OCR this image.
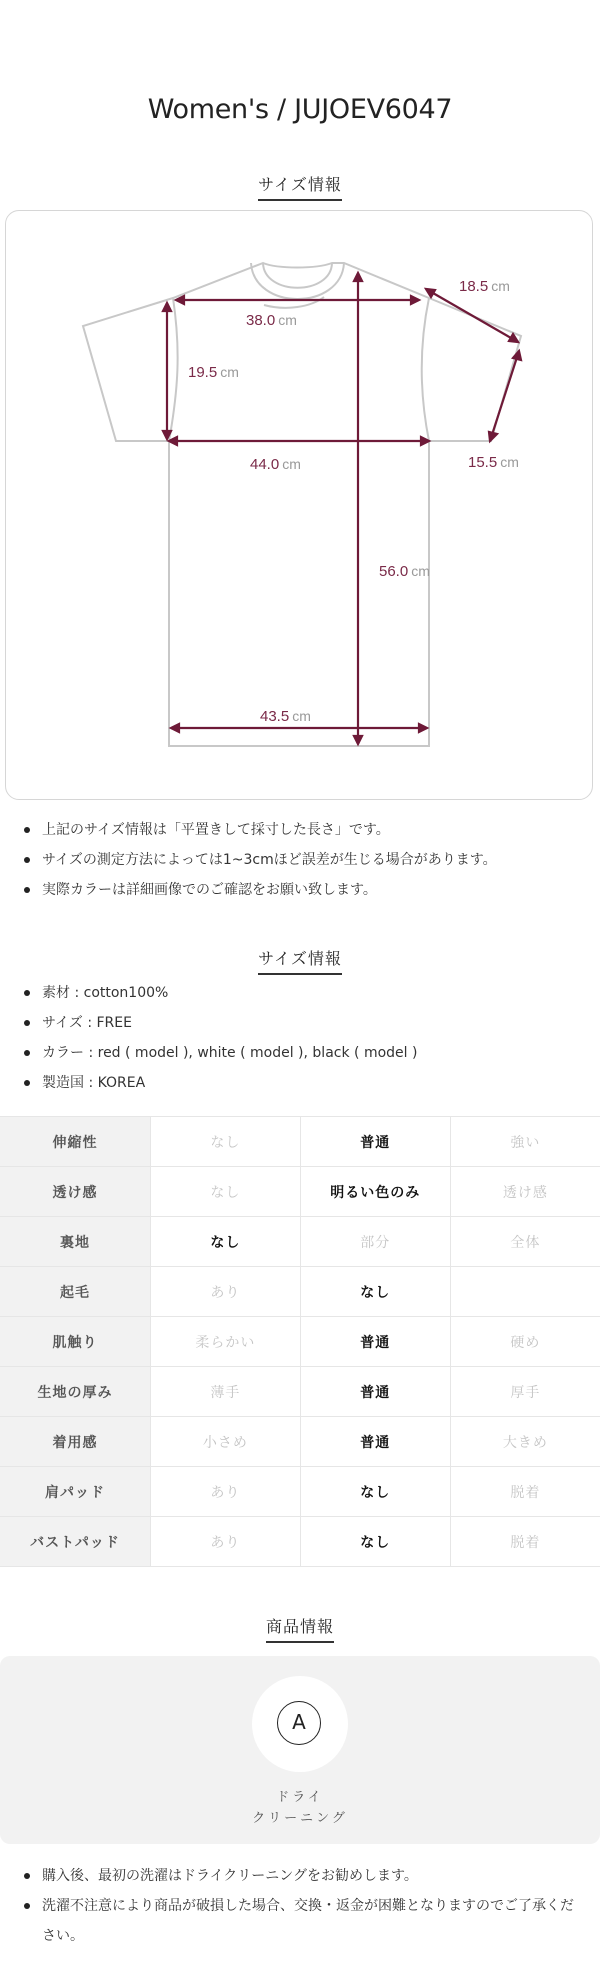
Women's / JUJOEV6047
サイズ情報
38.0 cm
18.5 cm
19.5 cm
15.5 cm
44.0 cm
56.0 cm
43.5 cm
上記のサイズ情報は「平置きして採寸した長さ」です。
サイズの測定方法によっては1~3cmほど誤差が生じる場合があります。
実際カラーは詳細画像でのご確認をお願い致します。
サイズ情報
素材 : cotton100%
サイズ : FREE
カラー : red ( model ), white ( model ), black ( model )
製造国 : KOREA
伸縮性	なし	普通	強い
透け感	なし	明るい色のみ	透け感
裏地	なし	部分	全体
起毛	あり	なし	
肌触り	柔らかい	普通	硬め
生地の厚み	薄手	普通	厚手
着用感	小さめ	普通	大きめ
肩パッド	あり	なし	脱着
バストパッド	あり	なし	脱着
商品情報
A
ドライ
クリーニング
購入後、最初の洗濯はドライクリーニングをお勧めします。
洗濯不注意により商品が破損した場合、交換・返金が困難となりますのでご了承ください。
